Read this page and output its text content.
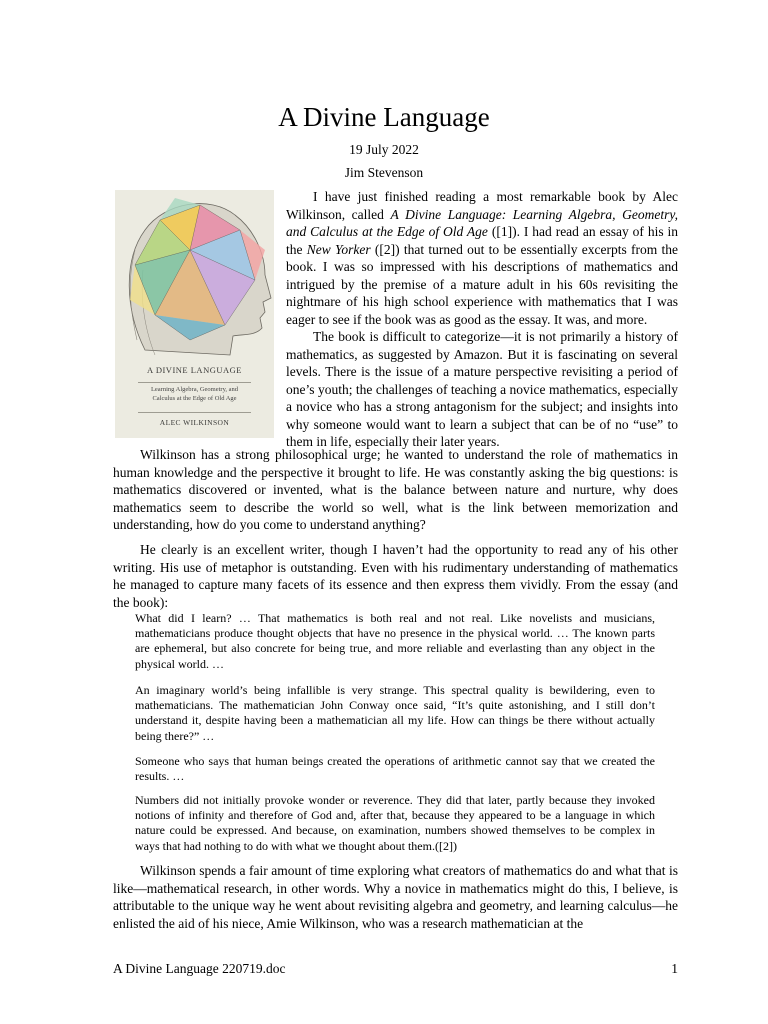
A Divine Language
19 July 2022
Jim Stevenson
A DIVINE LANGUAGE
Learning Algebra, Geometry, and
Calculus at the Edge of Old Age
ALEC WILKINSON

I have just finished reading a most remarkable book by Alec Wilkinson, called A Divine Language: Learning Algebra, Geometry, and Calculus at the Edge of Old Age ([1]). I had read an essay of his in the New Yorker ([2]) that turned out to be essentially excerpts from the book. I was so impressed with his descriptions of mathematics and intrigued by the premise of a mature adult in his 60s revisiting the nightmare of his high school experience with mathematics that I was eager to see if the book was as good as the essay. It was, and more.

The book is difficult to categorize—it is not primarily a history of mathematics, as suggested by Amazon. But it is fascinating on several levels. There is the issue of a mature perspective revisiting a period of one’s youth; the challenges of teaching a novice mathematics, especially a novice who has a strong antagonism for the subject; and insights into why someone would want to learn a subject that can be of no “use” to them in life, especially their later years.

Wilkinson has a strong philosophical urge; he wanted to understand the role of mathematics in human knowledge and the perspective it brought to life. He was constantly asking the big questions: is mathematics discovered or invented, what is the balance between nature and nurture, why does mathematics seem to describe the world so well, what is the link between memorization and understanding, how do you come to understand anything?

He clearly is an excellent writer, though I haven’t had the opportunity to read any of his other writing. His use of metaphor is outstanding. Even with his rudimentary understanding of mathematics he managed to capture many facets of its essence and then express them vividly. From the essay (and the book):

What did I learn? … That mathematics is both real and not real. Like novelists and musicians, mathematicians produce thought objects that have no presence in the physical world. … The known parts are ephemeral, but also concrete for being true, and more reliable and everlasting than any object in the physical world. …

An imaginary world’s being infallible is very strange. This spectral quality is bewildering, even to mathematicians. The mathematician John Conway once said, “It’s quite astonishing, and I still don’t understand it, despite having been a mathematician all my life. How can things be there without actually being there?” …

Someone who says that human beings created the operations of arithmetic cannot say that we created the results. …

Numbers did not initially provoke wonder or reverence. They did that later, partly because they invoked notions of infinity and therefore of God and, after that, because they appeared to be a language in which nature could be expressed. And because, on examination, numbers showed themselves to be complex in ways that had nothing to do with what we thought about them.([2])

Wilkinson spends a fair amount of time exploring what creators of mathematics do and what that is like—mathematical research, in other words. Why a novice in mathematics might do this, I believe, is attributable to the unique way he went about revisiting algebra and geometry, and learning calculus—he enlisted the aid of his niece, Amie Wilkinson, who was a research mathematician at the

A Divine Language 220719.doc	1
